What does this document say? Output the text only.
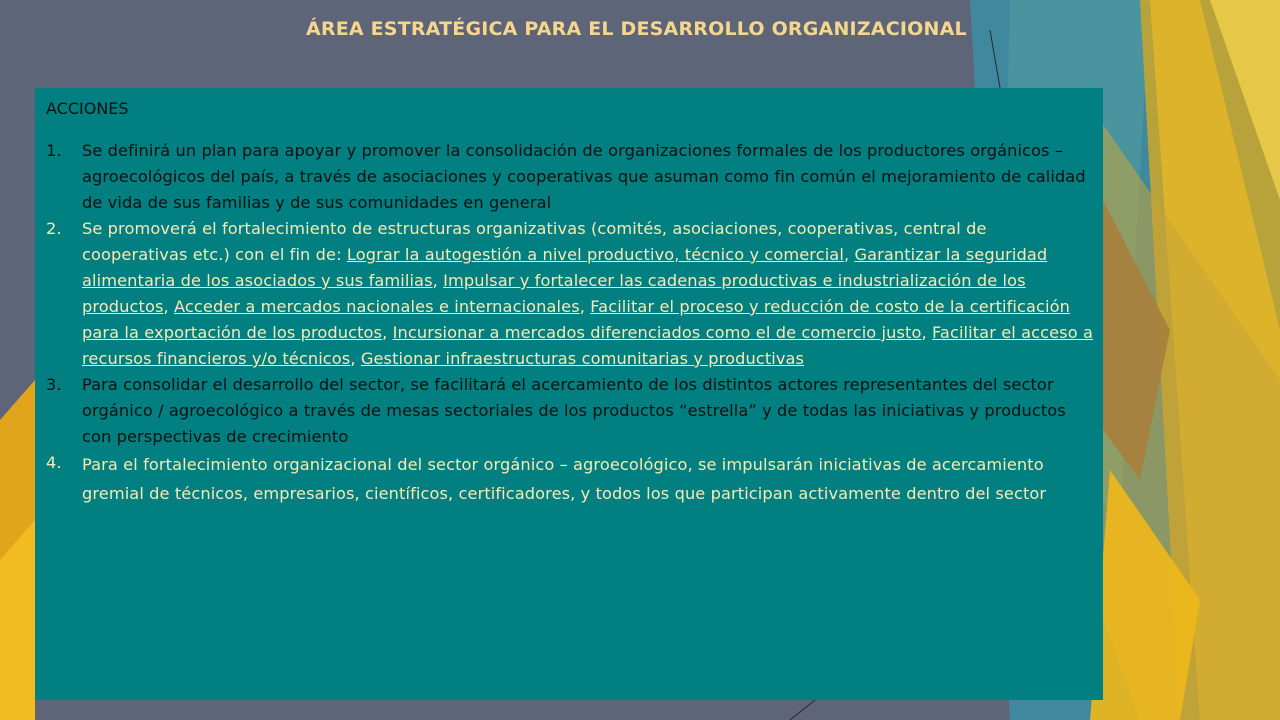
ÁREA ESTRATÉGICA PARA EL DESARROLLO ORGANIZACIONAL
ACCIONES
1. Se definirá un plan para apoyar y promover la consolidación de organizaciones formales de los productores orgánicos – agroecológicos del país, a través de asociaciones y cooperativas que asuman como fin común el mejoramiento de calidad de vida de sus familias y de sus comunidades en general
2. Se promoverá el fortalecimiento de estructuras organizativas (comités, asociaciones, cooperativas, central de cooperativas etc.) con el fin de: Lograr la autogestión a nivel productivo, técnico y comercial, Garantizar la seguridad alimentaria de los asociados y sus familias, Impulsar y fortalecer las cadenas productivas e industrialización de los productos, Acceder a mercados nacionales e internacionales, Facilitar el proceso y reducción de costo de la certificación para la exportación de los productos, Incursionar a mercados diferenciados como el de comercio justo, Facilitar el acceso a recursos financieros y/o técnicos, Gestionar infraestructuras comunitarias y productivas
3. Para consolidar el desarrollo del sector, se facilitará el acercamiento de los distintos actores representantes del sector orgánico / agroecológico a través de mesas sectoriales de los productos “estrella” y de todas las iniciativas y productos con perspectivas de crecimiento
4. Para el fortalecimiento organizacional del sector orgánico – agroecológico, se impulsarán iniciativas de acercamiento gremial de técnicos, empresarios, científicos, certificadores, y todos los que participan activamente dentro del sector
